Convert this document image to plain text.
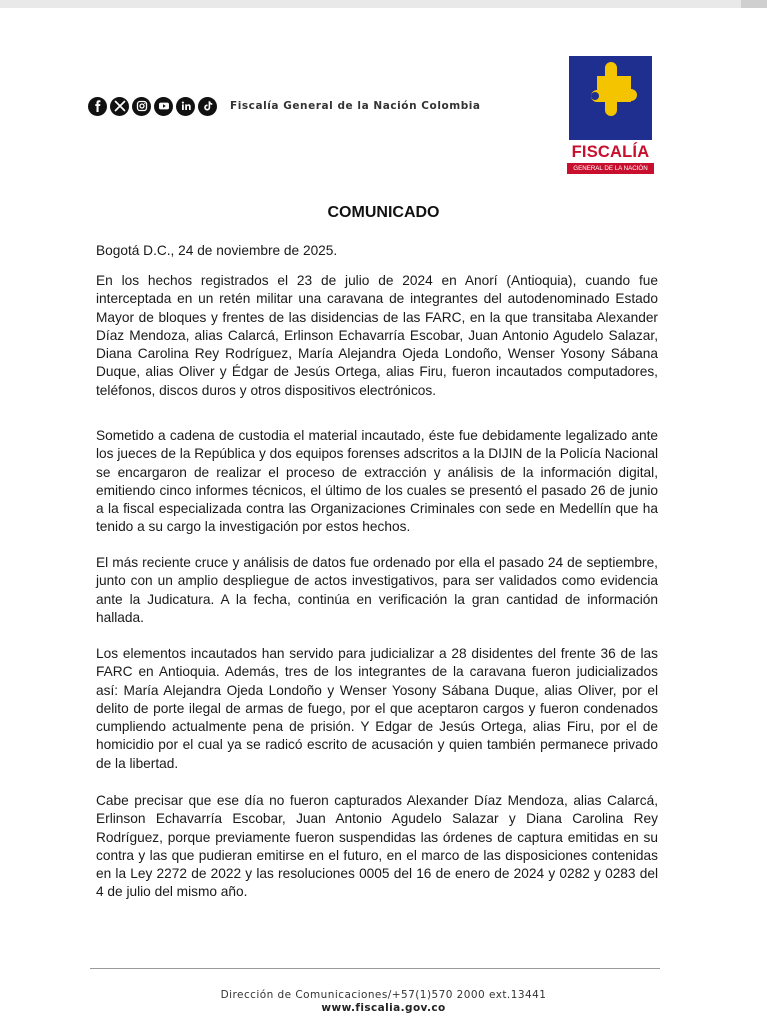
Fiscalía General de la Nación Colombia
FISCALÍA
GENERAL DE LA NACIÓN
COMUNICADO
Bogotá D.C., 24 de noviembre de 2025.

En los hechos registrados el 23 de julio de 2024 en Anorí (Antioquia), cuando fue interceptada en un retén militar una caravana de integrantes del autodenominado Estado Mayor de bloques y frentes de las disidencias de las FARC, en la que transitaba Alexander Díaz Mendoza, alias Calarcá, Erlinson Echavarría Escobar, Juan Antonio Agudelo Salazar, Diana Carolina Rey Rodríguez, María Alejandra Ojeda Londoño, Wenser Yosony Sábana Duque, alias Oliver y Édgar de Jesús Ortega, alias Firu, fueron incautados computadores, teléfonos, discos duros y otros dispositivos electrónicos.

Sometido a cadena de custodia el material incautado, éste fue debidamente legalizado ante los jueces de la República y dos equipos forenses adscritos a la DIJIN de la Policía Nacional se encargaron de realizar el proceso de extracción y análisis de la información digital, emitiendo cinco informes técnicos, el último de los cuales se presentó el pasado 26 de junio a la fiscal especializada contra las Organizaciones Criminales con sede en Medellín que ha tenido a su cargo la investigación por estos hechos.

El más reciente cruce y análisis de datos fue ordenado por ella el pasado 24 de septiembre, junto con un amplio despliegue de actos investigativos, para ser validados como evidencia ante la Judicatura. A la fecha, continúa en verificación la gran cantidad de información hallada.

Los elementos incautados han servido para judicializar a 28 disidentes del frente 36 de las FARC en Antioquia. Además, tres de los integrantes de la caravana fueron judicializados así: María Alejandra Ojeda Londoño y Wenser Yosony Sábana Duque, alias Oliver, por el delito de porte ilegal de armas de fuego, por el que aceptaron cargos y fueron condenados cumpliendo actualmente pena de prisión. Y Edgar de Jesús Ortega, alias Firu, por el de homicidio por el cual ya se radicó escrito de acusación y quien también permanece privado de la libertad.

Cabe precisar que ese día no fueron capturados Alexander Díaz Mendoza, alias Calarcá, Erlinson Echavarría Escobar, Juan Antonio Agudelo Salazar y Diana Carolina Rey Rodríguez, porque previamente fueron suspendidas las órdenes de captura emitidas en su contra y las que pudieran emitirse en el futuro, en el marco de las disposiciones contenidas en la Ley 2272 de 2022 y las resoluciones 0005 del 16 de enero de 2024 y 0282 y 0283 del 4 de julio del mismo año.

Dirección de Comunicaciones/+57(1)570 2000 ext.13441
www.fiscalia.gov.co
